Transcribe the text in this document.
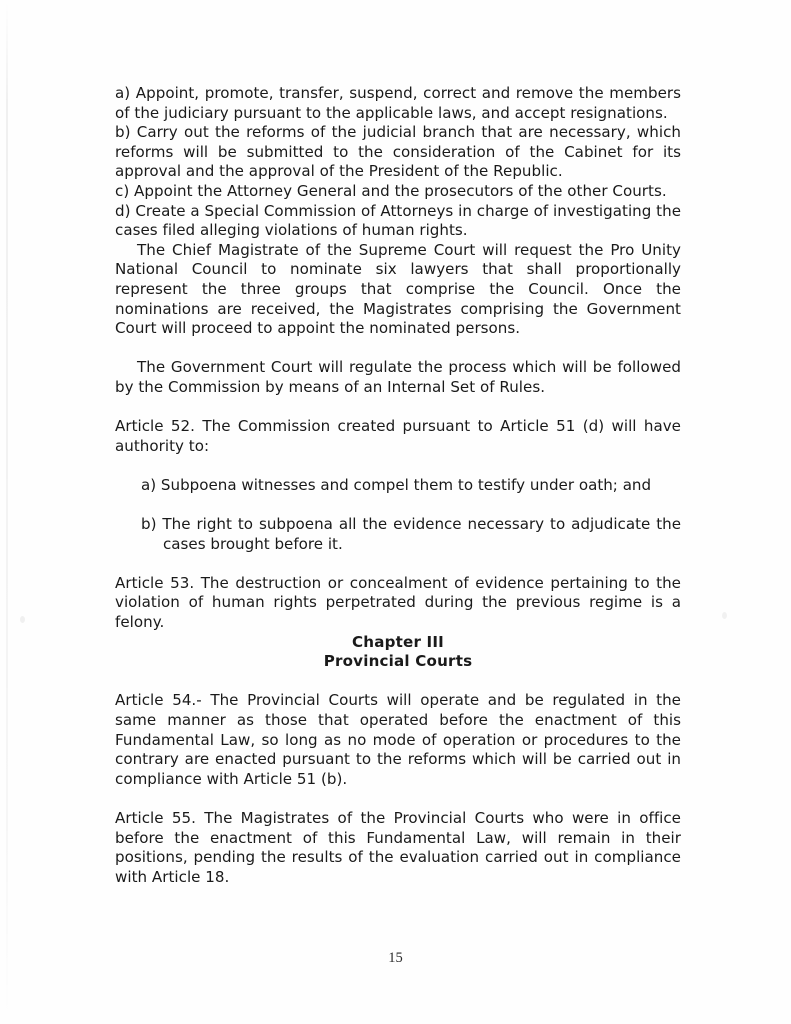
a) Appoint, promote, transfer, suspend, correct and remove the members of the judiciary pursuant to the applicable laws, and accept resignations.

b) Carry out the reforms of the judicial branch that are necessary, which reforms will be submitted to the consideration of the Cabinet for its approval and the approval of the President of the Republic.

c) Appoint the Attorney General and the prosecutors of the other Courts.

d) Create a Special Commission of Attorneys in charge of investigating the cases filed alleging violations of human rights.

The Chief Magistrate of the Supreme Court will request the Pro Unity National Council to nominate six lawyers that shall proportionally represent the three groups that comprise the Council. Once the nominations are received, the Magistrates comprising the Government Court will proceed to appoint the nominated persons.

The Government Court will regulate the process which will be followed by the Commission by means of an Internal Set of Rules.

Article 52. The Commission created pursuant to Article 51 (d) will have authority to:

a) Subpoena witnesses and compel them to testify under oath; and

b) The right to subpoena all the evidence necessary to adjudicate the cases brought before it.

Article 53. The destruction or concealment of evidence pertaining to the violation of human rights perpetrated during the previous regime is a felony.

Chapter III

Provincial Courts

Article 54.- The Provincial Courts will operate and be regulated in the same manner as those that operated before the enactment of this Fundamental Law, so long as no mode of operation or procedures to the contrary are enacted pursuant to the reforms which will be carried out in compliance with Article 51 (b).

Article 55. The Magistrates of the Provincial Courts who were in office before the enactment of this Fundamental Law, will remain in their positions, pending the results of the evaluation carried out in compliance with Article 18.

15
